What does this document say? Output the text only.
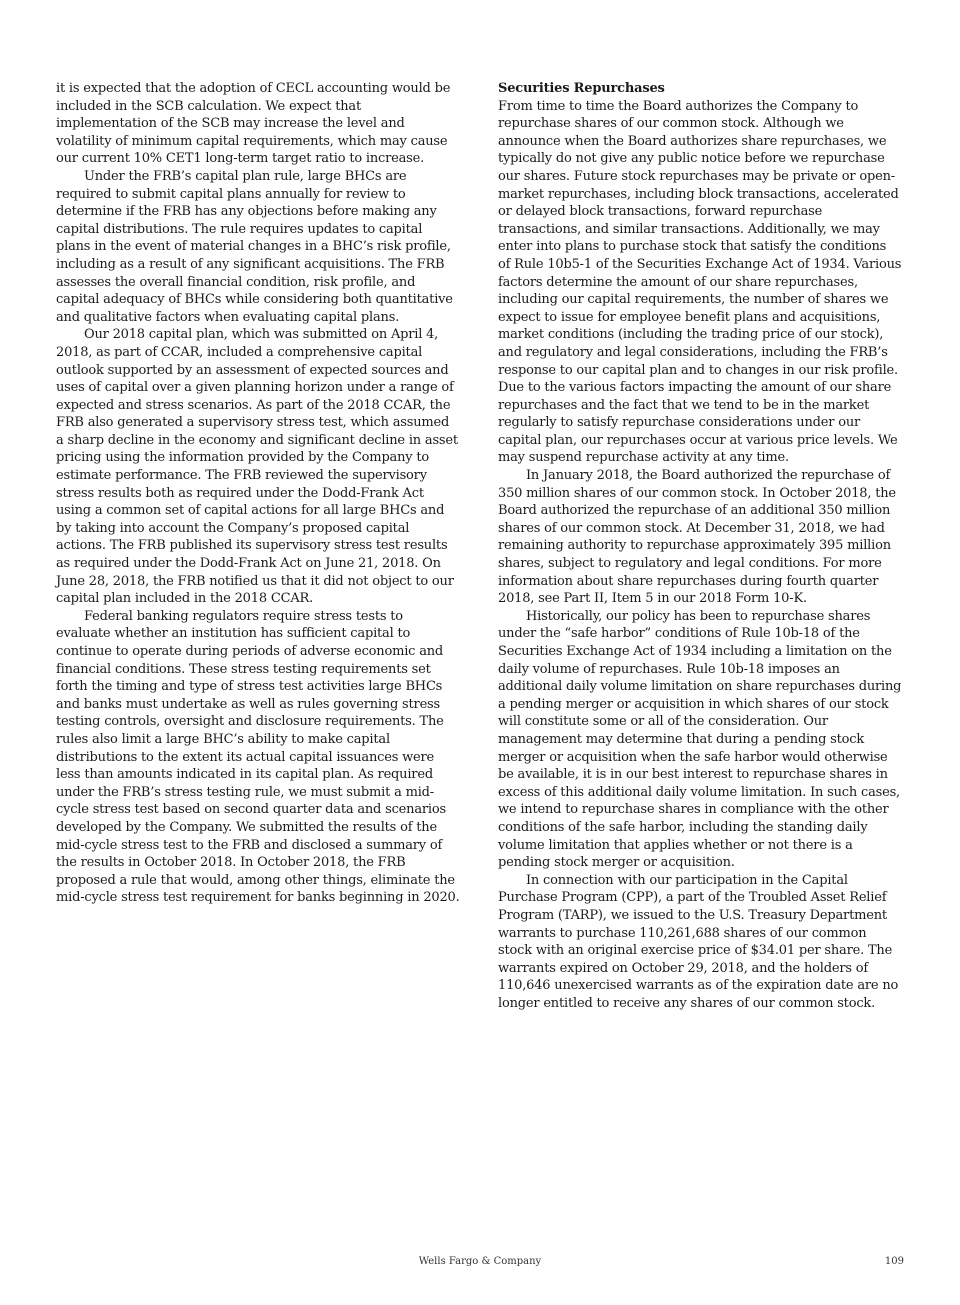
it is expected that the adoption of CECL accounting would be included in the SCB calculation. We expect that implementation of the SCB may increase the level and volatility of minimum capital requirements, which may cause our current 10% CET1 long-term target ratio to increase.

Under the FRB’s capital plan rule, large BHCs are required to submit capital plans annually for review to determine if the FRB has any objections before making any capital distributions. The rule requires updates to capital plans in the event of material changes in a BHC’s risk profile, including as a result of any significant acquisitions. The FRB assesses the overall financial condition, risk profile, and capital adequacy of BHCs while considering both quantitative and qualitative factors when evaluating capital plans.

Our 2018 capital plan, which was submitted on April 4, 2018, as part of CCAR, included a comprehensive capital outlook supported by an assessment of expected sources and uses of capital over a given planning horizon under a range of expected and stress scenarios. As part of the 2018 CCAR, the FRB also generated a supervisory stress test, which assumed a sharp decline in the economy and significant decline in asset pricing using the information provided by the Company to estimate performance. The FRB reviewed the supervisory stress results both as required under the Dodd-Frank Act using a common set of capital actions for all large BHCs and by taking into account the Company’s proposed capital actions. The FRB published its supervisory stress test results as required under the Dodd-Frank Act on June 21, 2018. On June 28, 2018, the FRB notified us that it did not object to our capital plan included in the 2018 CCAR.

Federal banking regulators require stress tests to evaluate whether an institution has sufficient capital to continue to operate during periods of adverse economic and financial conditions. These stress testing requirements set forth the timing and type of stress test activities large BHCs and banks must undertake as well as rules governing stress testing controls, oversight and disclosure requirements. The rules also limit a large BHC’s ability to make capital distributions to the extent its actual capital issuances were less than amounts indicated in its capital plan. As required under the FRB’s stress testing rule, we must submit a mid-cycle stress test based on second quarter data and scenarios developed by the Company. We submitted the results of the mid-cycle stress test to the FRB and disclosed a summary of the results in October 2018. In October 2018, the FRB proposed a rule that would, among other things, eliminate the mid-cycle stress test requirement for banks beginning in 2020.

Securities Repurchases

From time to time the Board authorizes the Company to repurchase shares of our common stock. Although we announce when the Board authorizes share repurchases, we typically do not give any public notice before we repurchase our shares. Future stock repurchases may be private or open-market repurchases, including block transactions, accelerated or delayed block transactions, forward repurchase transactions, and similar transactions. Additionally, we may enter into plans to purchase stock that satisfy the conditions of Rule 10b5-1 of the Securities Exchange Act of 1934. Various factors determine the amount of our share repurchases, including our capital requirements, the number of shares we expect to issue for employee benefit plans and acquisitions, market conditions (including the trading price of our stock), and regulatory and legal considerations, including the FRB’s response to our capital plan and to changes in our risk profile. Due to the various factors impacting the amount of our share repurchases and the fact that we tend to be in the market regularly to satisfy repurchase considerations under our capital plan, our repurchases occur at various price levels. We may suspend repurchase activity at any time.

In January 2018, the Board authorized the repurchase of 350 million shares of our common stock. In October 2018, the Board authorized the repurchase of an additional 350 million shares of our common stock. At December 31, 2018, we had remaining authority to repurchase approximately 395 million shares, subject to regulatory and legal conditions. For more information about share repurchases during fourth quarter 2018, see Part II, Item 5 in our 2018 Form 10-K.

Historically, our policy has been to repurchase shares under the “safe harbor” conditions of Rule 10b-18 of the Securities Exchange Act of 1934 including a limitation on the daily volume of repurchases. Rule 10b-18 imposes an additional daily volume limitation on share repurchases during a pending merger or acquisition in which shares of our stock will constitute some or all of the consideration. Our management may determine that during a pending stock merger or acquisition when the safe harbor would otherwise be available, it is in our best interest to repurchase shares in excess of this additional daily volume limitation. In such cases, we intend to repurchase shares in compliance with the other conditions of the safe harbor, including the standing daily volume limitation that applies whether or not there is a pending stock merger or acquisition.

In connection with our participation in the Capital Purchase Program (CPP), a part of the Troubled Asset Relief Program (TARP), we issued to the U.S. Treasury Department warrants to purchase 110,261,688 shares of our common stock with an original exercise price of $34.01 per share. The warrants expired on October 29, 2018, and the holders of 110,646 unexercised warrants as of the expiration date are no longer entitled to receive any shares of our common stock.

Wells Fargo & Company	109
